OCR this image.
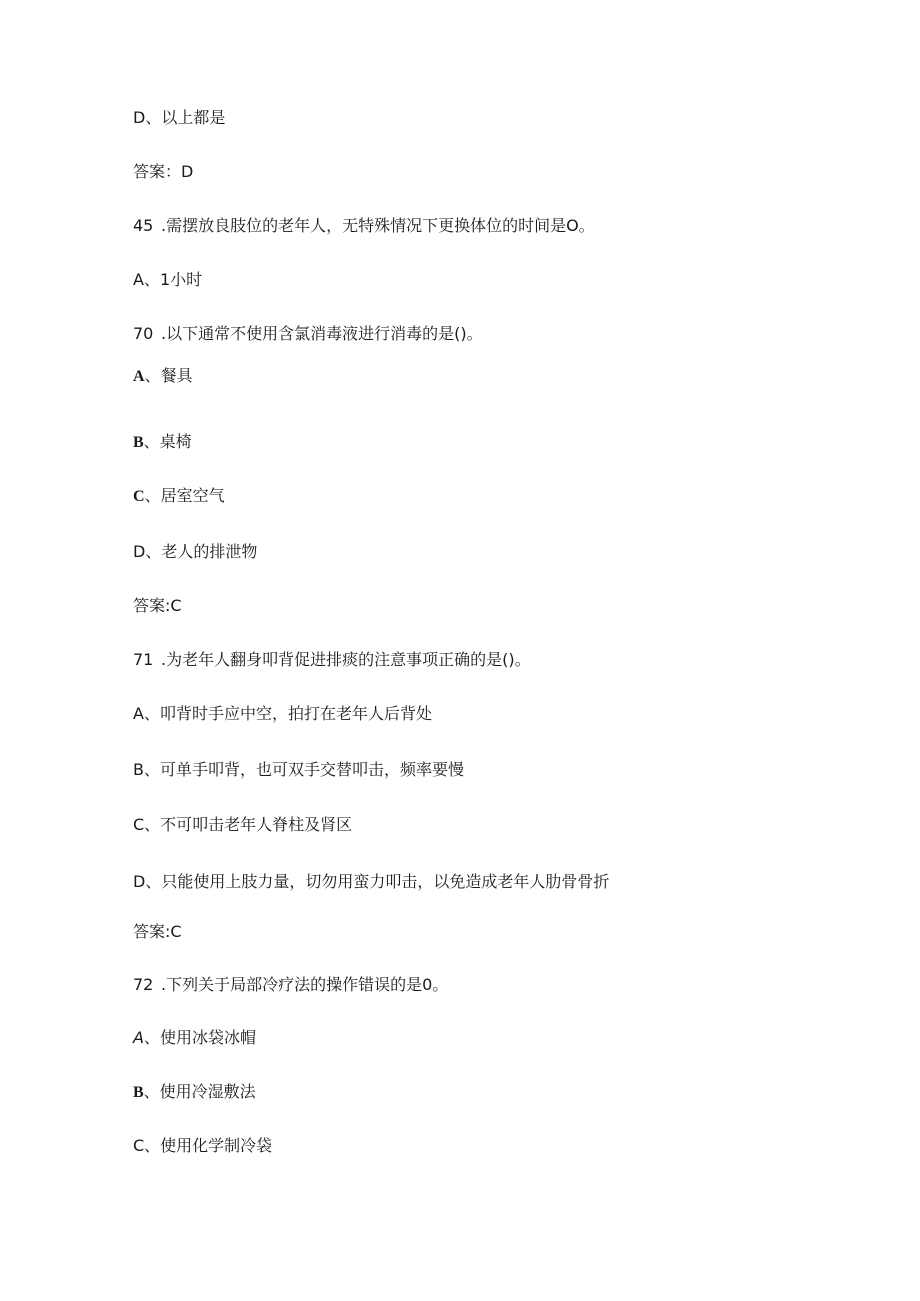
D、以上都是
答案：D
45 .需摆放良肢位的老年人，无特殊情况下更换体位的时间是O。
A、1小时
70 .以下通常不使用含氯消毒液进行消毒的是()。
A、餐具
B、桌椅
C、居室空气
D、老人的排泄物
答案:C
71 .为老年人翻身叩背促进排痰的注意事项正确的是()。
A、叩背时手应中空，拍打在老年人后背处
B、可单手叩背，也可双手交替叩击，频率要慢
C、不可叩击老年人脊柱及肾区
D、只能使用上肢力量，切勿用蛮力叩击，以免造成老年人肋骨骨折
答案:C
72 .下列关于局部冷疗法的操作错误的是0。
A、使用冰袋冰帽
B、使用冷湿敷法
C、使用化学制冷袋
